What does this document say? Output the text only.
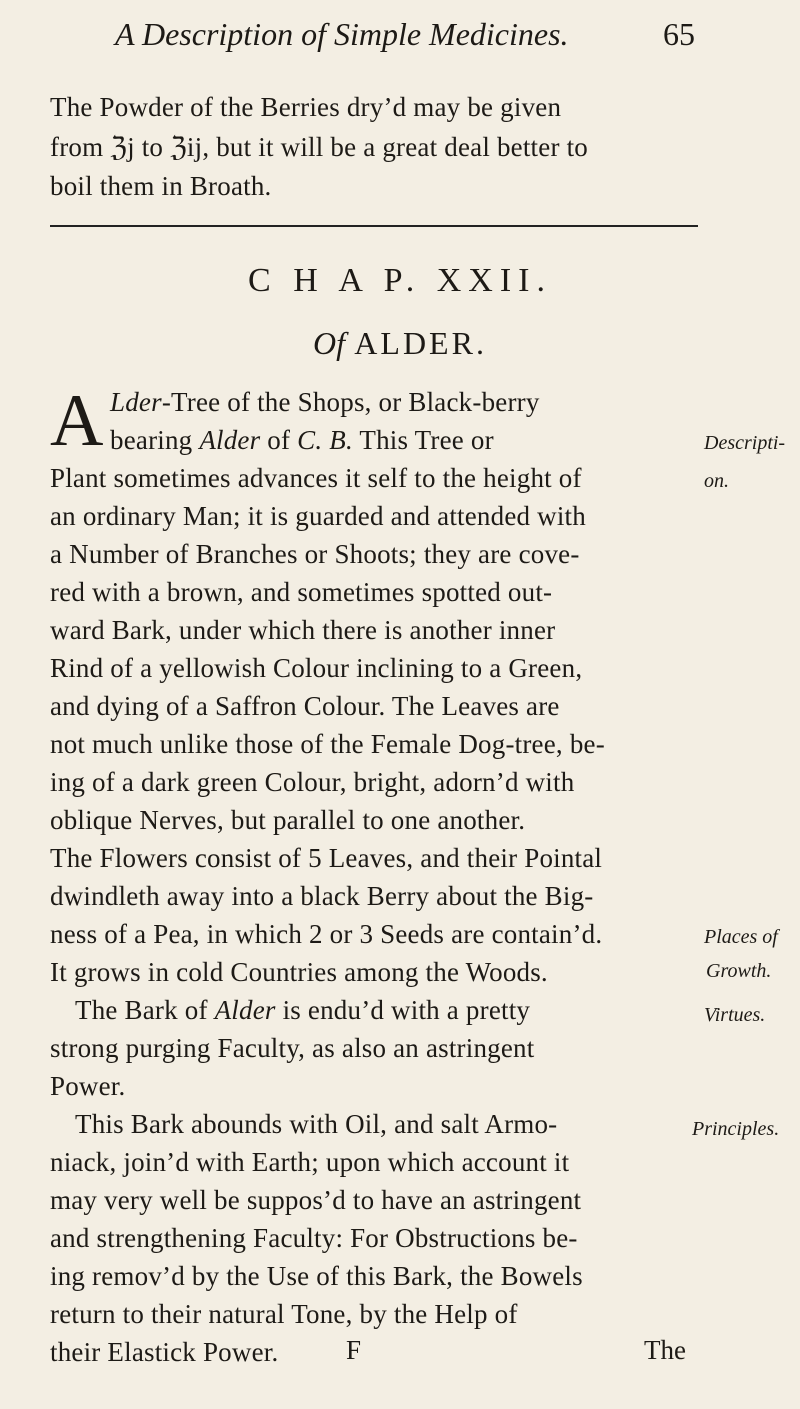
A Description of Simple Medicines.	65
The Powder of the Berries dry’d may be given
from ℨj to ℨij, but it will be a great deal better to
boil them in Broath.
C H A P. XXII.
Of ALDER.
A Lder-Tree of the Shops, or Black-berry
bearing Alder of C. B. This Tree or
Plant sometimes advances it self to the height of
an ordinary Man; it is guarded and attended with
a Number of Branches or Shoots; they are cove-
red with a brown, and sometimes spotted out-
ward Bark, under which there is another inner
Rind of a yellowish Colour inclining to a Green,
and dying of a Saffron Colour. The Leaves are
not much unlike those of the Female Dog-tree, be-
ing of a dark green Colour, bright, adorn’d with
oblique Nerves, but parallel to one another.
The Flowers consist of 5 Leaves, and their Pointal
dwindleth away into a black Berry about the Big-
ness of a Pea, in which 2 or 3 Seeds are contain’d.
It grows in cold Countries among the Woods.
The Bark of Alder is endu’d with a pretty
strong purging Faculty, as also an astringent
Power.
This Bark abounds with Oil, and salt Armo-
niack, join’d with Earth; upon which account it
may very well be suppos’d to have an astringent
and strengthening Faculty: For Obstructions be-
ing remov’d by the Use of this Bark, the Bowels
return to their natural Tone, by the Help of
their Elastick Power.
Descripti-
on.
Places of
Growth.
Virtues.
Principles.
F	The
